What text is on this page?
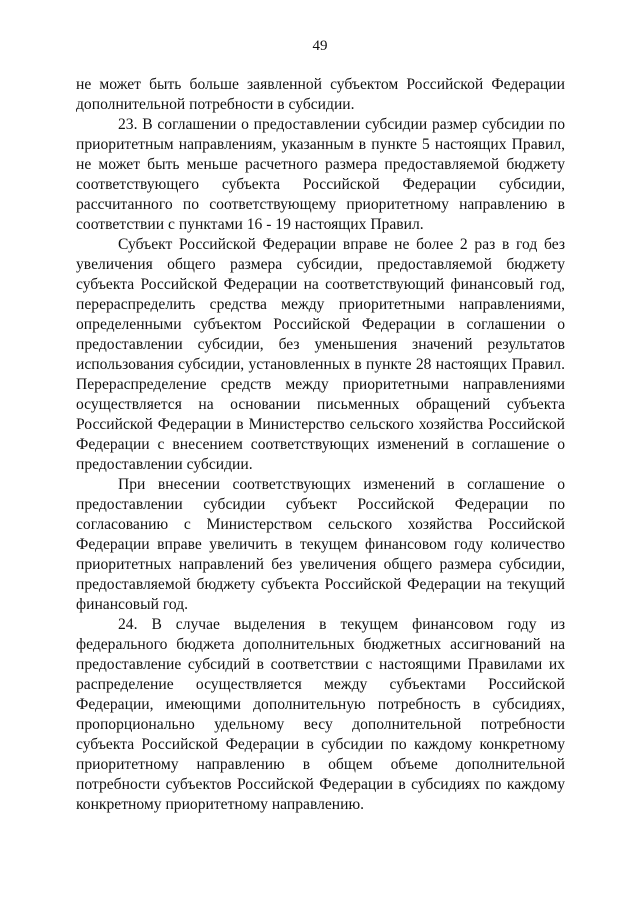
49

не может быть больше заявленной субъектом Российской Федерации дополнительной потребности в субсидии.

23. В соглашении о предоставлении субсидии размер субсидии по приоритетным направлениям, указанным в пункте 5 настоящих Правил, не может быть меньше расчетного размера предоставляемой бюджету соответствующего субъекта Российской Федерации субсидии, рассчитанного по соответствующему приоритетному направлению в соответствии с пунктами 16 - 19 настоящих Правил.

Субъект Российской Федерации вправе не более 2 раз в год без увеличения общего размера субсидии, предоставляемой бюджету субъекта Российской Федерации на соответствующий финансовый год, перераспределить средства между приоритетными направлениями, определенными субъектом Российской Федерации в соглашении о предоставлении субсидии, без уменьшения значений результатов использования субсидии, установленных в пункте 28 настоящих Правил. Перераспределение средств между приоритетными направлениями осуществляется на основании письменных обращений субъекта Российской Федерации в Министерство сельского хозяйства Российской Федерации с внесением соответствующих изменений в соглашение о предоставлении субсидии.

При внесении соответствующих изменений в соглашение о предоставлении субсидии субъект Российской Федерации по согласованию с Министерством сельского хозяйства Российской Федерации вправе увеличить в текущем финансовом году количество приоритетных направлений без увеличения общего размера субсидии, предоставляемой бюджету субъекта Российской Федерации на текущий финансовый год.

24. В случае выделения в текущем финансовом году из федерального бюджета дополнительных бюджетных ассигнований на предоставление субсидий в соответствии с настоящими Правилами их распределение осуществляется между субъектами Российской Федерации, имеющими дополнительную потребность в субсидиях, пропорционально удельному весу дополнительной потребности субъекта Российской Федерации в субсидии по каждому конкретному приоритетному направлению в общем объеме дополнительной потребности субъектов Российской Федерации в субсидиях по каждому конкретному приоритетному направлению.
